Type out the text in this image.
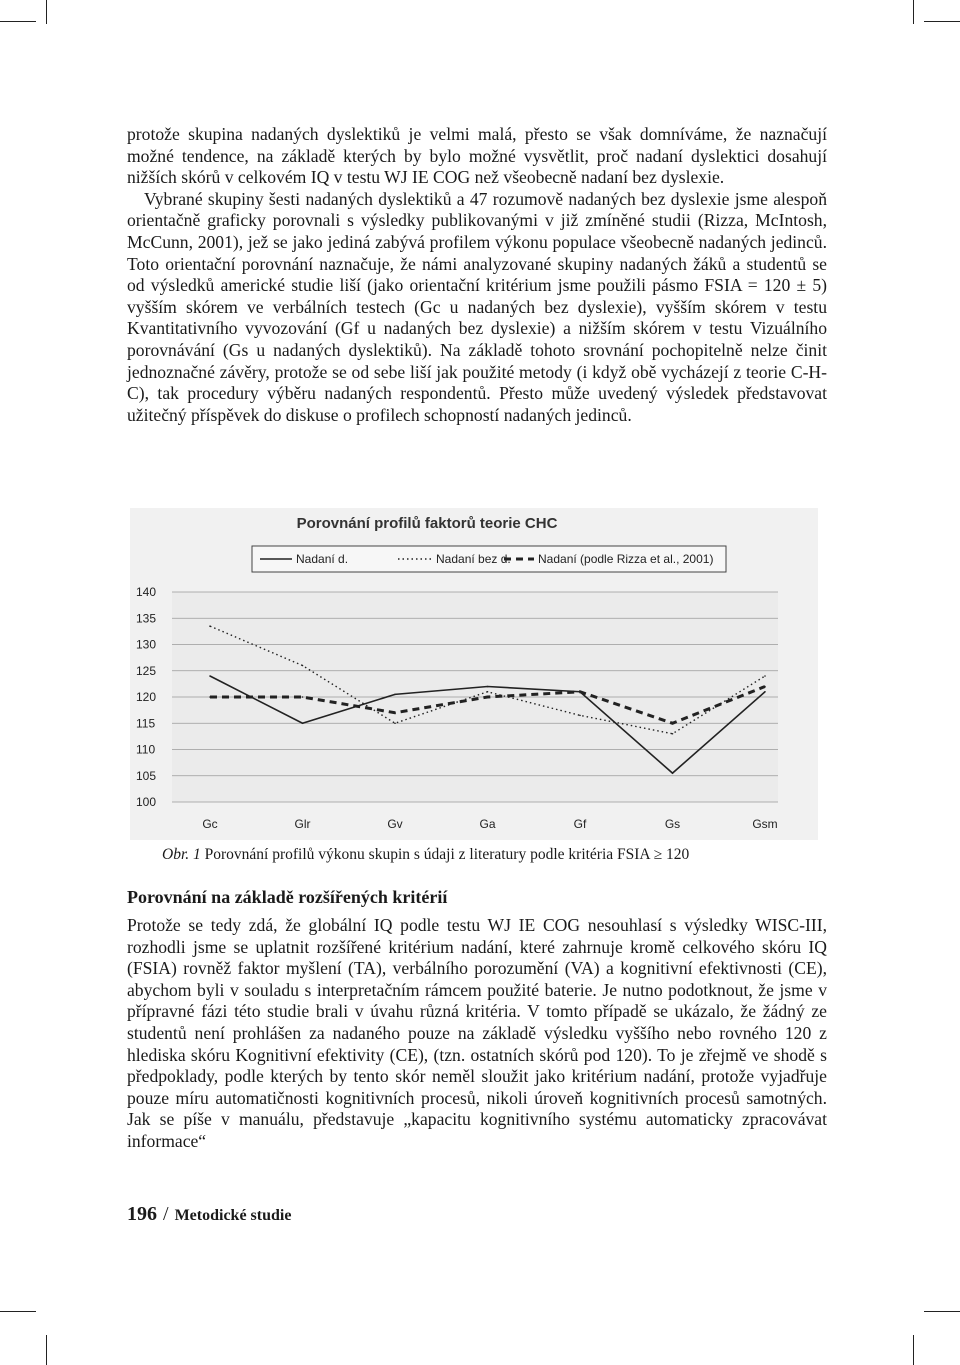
protože skupina nadaných dyslektiků je velmi malá, přesto se však domníváme, že naznačují možné tendence, na základě kterých by bylo možné vysvětlit, proč nadaní dyslektici dosahují nižších skórů v celkovém IQ v testu WJ IE COG než všeobecně nadaní bez dyslexie.

Vybrané skupiny šesti nadaných dyslektiků a 47 rozumově nadaných bez dyslexie jsme alespoň orientačně graficky porovnali s výsledky publikovanými v již zmíněné studii (Rizza, McIntosh, McCunn, 2001), jež se jako jediná zabývá profilem výkonu populace všeobecně nadaných jedinců. Toto orientační porovnání naznačuje, že námi analyzované skupiny nadaných žáků a studentů se od výsledků americké studie liší (jako orientační kritérium jsme použili pásmo FSIA = 120 ± 5) vyšším skórem ve verbálních testech (Gc u nadaných bez dyslexie), vyšším skórem v testu Kvantitativního vyvozování (Gf u nadaných bez dyslexie) a nižším skórem v testu Vizuálního porovnávání (Gs u nadaných dyslektiků). Na základě tohoto srovnání pochopitelně nelze činit jednoznačné závěry, protože se od sebe liší jak použité metody (i když obě vycházejí z teorie C-H-C), tak procedury výběru nadaných respondentů. Přesto může uvedený výsledek představovat užitečný příspěvek do diskuse o profilech schopností nadaných jedinců.

Porovnání profilů faktorů teorie CHC
Nadaní d.	Nadaní bez d. Nadaní (podle Rizza et al., 2001)
100
105
110
115
120
125
130
135
140
Gc	Glr	Gv	Ga	Gf	Gs	Gsm
Obr. 1 Porovnání profilů výkonu skupin s údaji z literatury podle kritéria FSIA ≥ 120
Porovnání na základě rozšířených kritérií

Protože se tedy zdá, že globální IQ podle testu WJ IE COG nesouhlasí s výsledky WISC-III, rozhodli jsme se uplatnit rozšířené kritérium nadání, které zahrnuje kromě celkového skóru IQ (FSIA) rovněž faktor myšlení (TA), verbálního porozumění (VA) a kognitivní efektivnosti (CE), abychom byli v souladu s interpretačním rámcem použité baterie. Je nutno podotknout, že jsme v přípravné fázi této studie brali v úvahu různá kritéria. V tomto případě se ukázalo, že žádný ze studentů není prohlášen za nadaného pouze na základě výsledku vyššího nebo rovného 120 z hlediska skóru Kognitivní efektivity (CE), (tzn. ostatních skórů pod 120). To je zřejmě ve shodě s předpoklady, podle kterých by tento skór neměl sloužit jako kritérium nadání, protože vyjadřuje pouze míru automatičnosti kognitivních procesů, nikoli úroveň kognitivních procesů samotných. Jak se píše v manuálu, představuje „kapacitu kognitivního systému automaticky zpracovávat informace“

196 / Metodické studie
